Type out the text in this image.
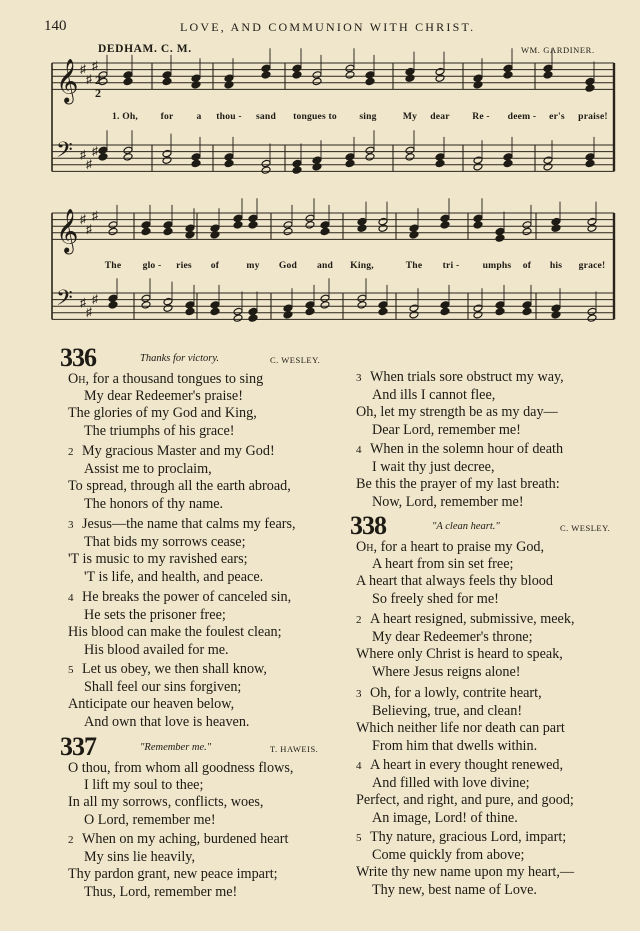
140	LOVE, AND COMMUNION WITH CHRIST.
𝄞 ♯
♯
♯
𝄢 ♯
♯
♯
2
2
𝄞 ♯
♯
♯
𝄢 ♯
♯
♯
DEDHAM. C. M.	WM. GARDINER.
1. Oh, for a thou - sand tongues to sing	My dear Re - deem - er's praise!
The glo - ries of	my God and King,	The tri - umphs of his grace!
336	Thanks for victory.	C. WESLEY.
Oh, for a thousand tongues to sing
My dear Redeemer's praise!
The glories of my God and King,
The triumphs of his grace!
2 My gracious Master and my God!
Assist me to proclaim,
To spread, through all the earth abroad,
The honors of thy name.
3 Jesus—the name that calms my fears,
That bids my sorrows cease;
'T is music to my ravished ears;
'T is life, and health, and peace.
4 He breaks the power of canceled sin,
He sets the prisoner free;
His blood can make the foulest clean;
His blood availed for me.
5 Let us obey, we then shall know,
Shall feel our sins forgiven;
Anticipate our heaven below,
And own that love is heaven.
337	"Remember me."	T. HAWEIS.
O thou, from whom all goodness flows,
I lift my soul to thee;
In all my sorrows, conflicts, woes,
O Lord, remember me!
2 When on my aching, burdened heart
My sins lie heavily,
Thy pardon grant, new peace impart;
Thus, Lord, remember me!
3 When trials sore obstruct my way,
And ills I cannot flee,
Oh, let my strength be as my day—
Dear Lord, remember me!
4 When in the solemn hour of death
I wait thy just decree,
Be this the prayer of my last breath:
Now, Lord, remember me!
338	"A clean heart."	C. WESLEY.
Oh, for a heart to praise my God,
A heart from sin set free;
A heart that always feels thy blood
So freely shed for me!
2 A heart resigned, submissive, meek,
My dear Redeemer's throne;
Where only Christ is heard to speak,
Where Jesus reigns alone!
3 Oh, for a lowly, contrite heart,
Believing, true, and clean!
Which neither life nor death can part
From him that dwells within.
4 A heart in every thought renewed,
And filled with love divine;
Perfect, and right, and pure, and good;
An image, Lord! of thine.
5 Thy nature, gracious Lord, impart;
Come quickly from above;
Write thy new name upon my heart,—
Thy new, best name of Love.
